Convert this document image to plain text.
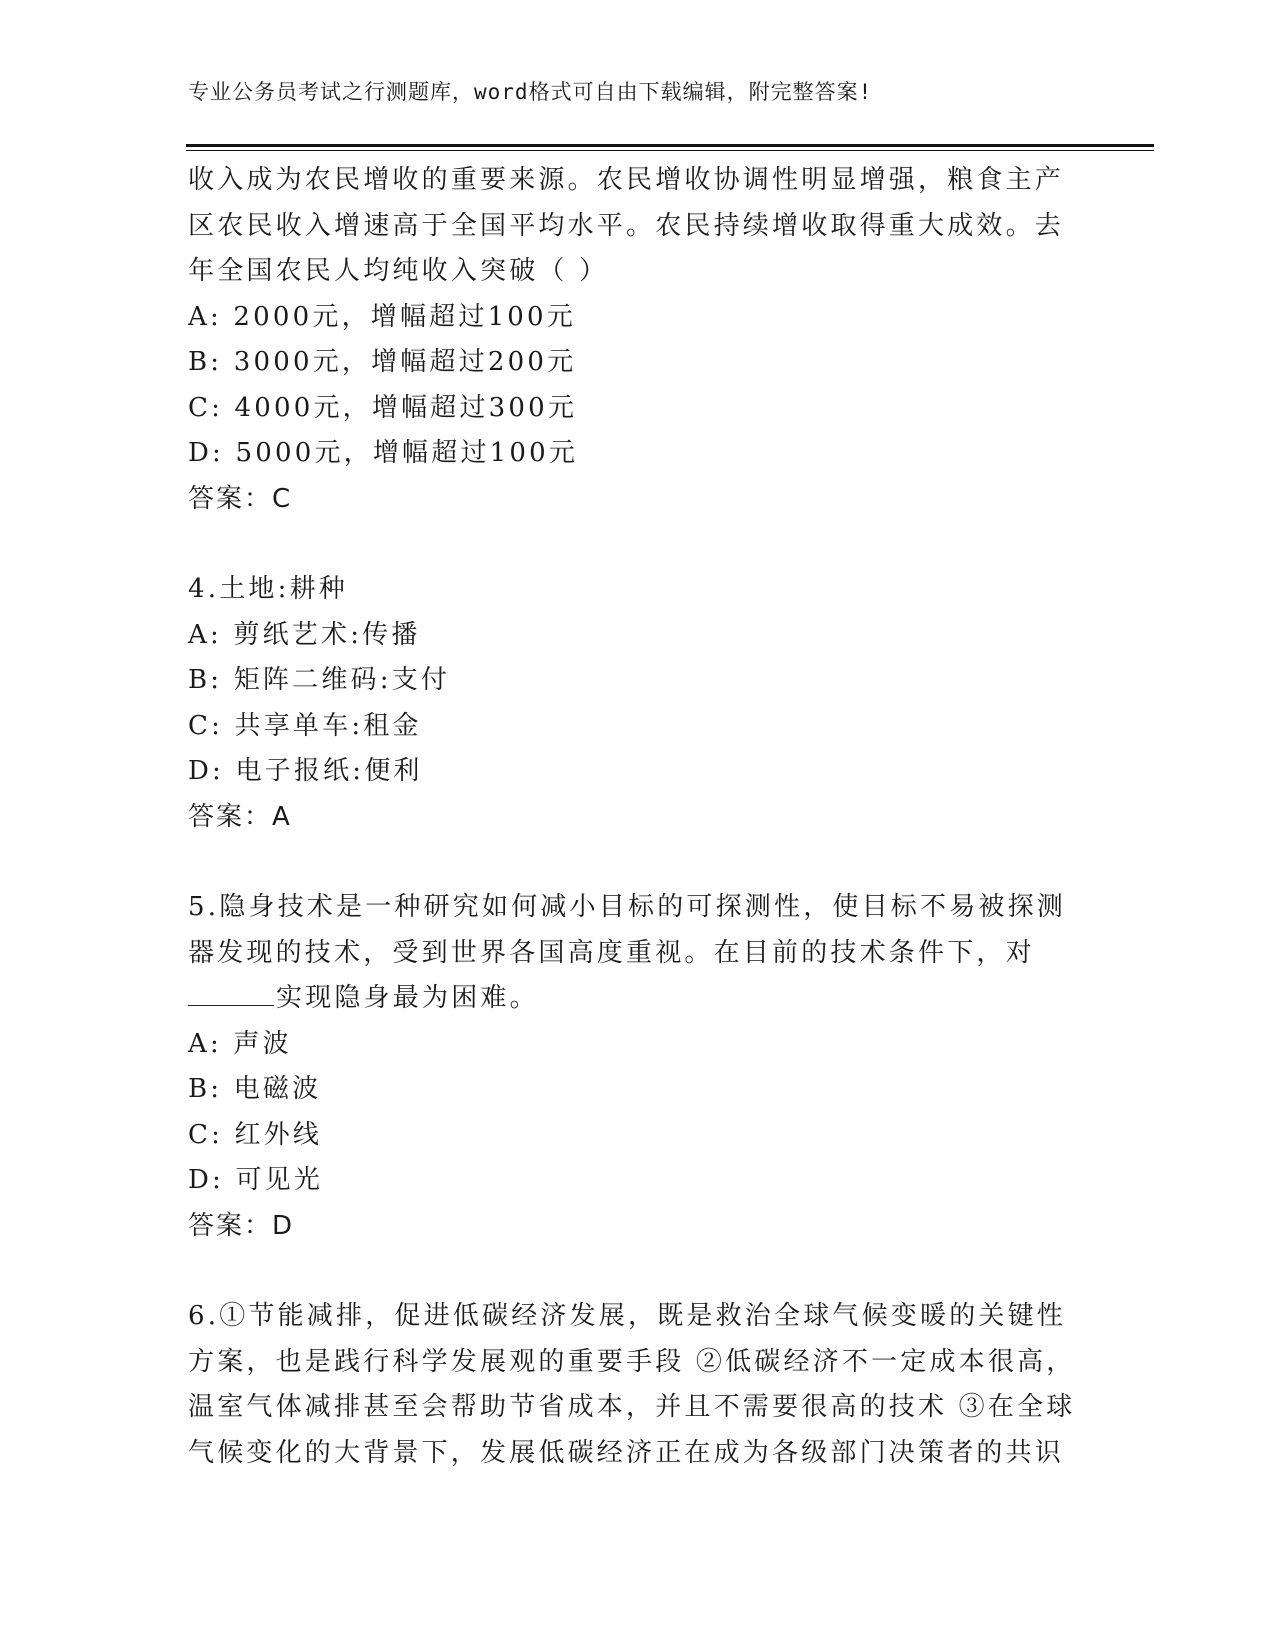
专业公务员考试之行测题库，word格式可自由下载编辑，附完整答案!
收入成为农民增收的重要来源。农民增收协调性明显增强，粮食主产
区农民收入增速高于全国平均水平。农民持续增收取得重大成效。去
年全国农民人均纯收入突破（ ）
A: 2000元，增幅超过100元
B: 3000元，增幅超过200元
C: 4000元，增幅超过300元
D: 5000元，增幅超过100元
答案：C
4.土地:耕种
A: 剪纸艺术:传播
B: 矩阵二维码:支付
C: 共享单车:租金
D: 电子报纸:便利
答案：A
5.隐身技术是一种研究如何减小目标的可探测性，使目标不易被探测
器发现的技术，受到世界各国高度重视。在目前的技术条件下，对
实现隐身最为困难。
A: 声波
B: 电磁波
C: 红外线
D: 可见光
答案：D
6.①节能减排，促进低碳经济发展，既是救治全球气候变暖的关键性
方案，也是践行科学发展观的重要手段 ②低碳经济不一定成本很高，
温室气体减排甚至会帮助节省成本，并且不需要很高的技术 ③在全球
气候变化的大背景下，发展低碳经济正在成为各级部门决策者的共识
